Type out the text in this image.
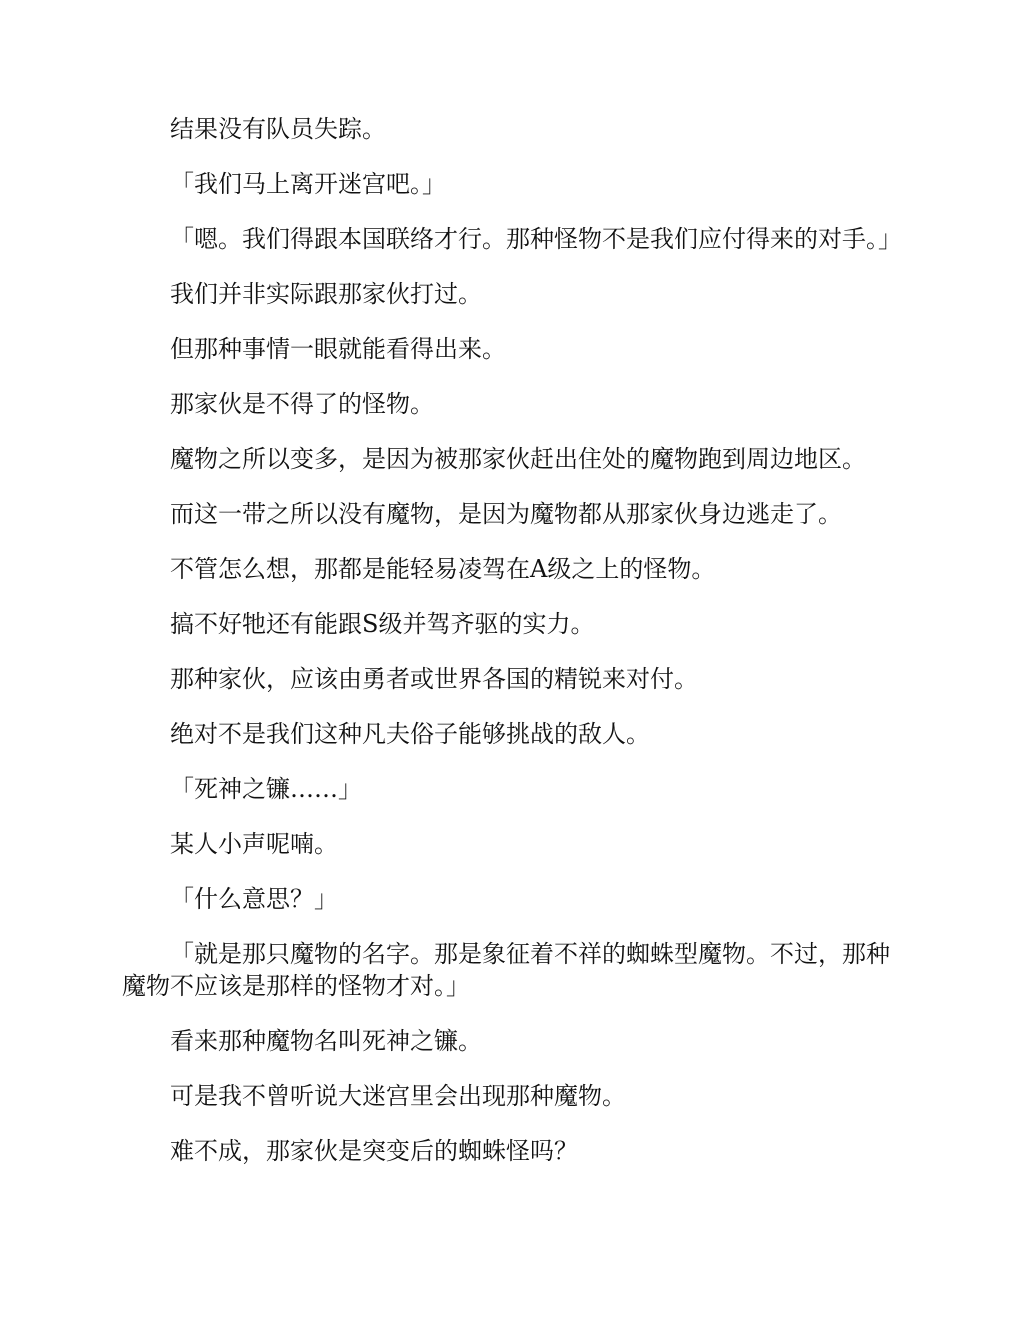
结果没有队员失踪。

「我们马上离开迷宫吧。」

「嗯。我们得跟本国联络才行。那种怪物不是我们应付得来的对手。」

我们并非实际跟那家伙打过。

但那种事情一眼就能看得出来。

那家伙是不得了的怪物。

魔物之所以变多，是因为被那家伙赶出住处的魔物跑到周边地区。

而这一带之所以没有魔物，是因为魔物都从那家伙身边逃走了。

不管怎么想，那都是能轻易凌驾在A级之上的怪物。

搞不好牠还有能跟S级并驾齐驱的实力。

那种家伙，应该由勇者或世界各国的精锐来对付。

绝对不是我们这种凡夫俗子能够挑战的敌人。

「死神之镰……」

某人小声呢喃。

「什么意思？」

「就是那只魔物的名字。那是象征着不祥的蜘蛛型魔物。不过，那种魔物不应该是那样的怪物才对。」

看来那种魔物名叫死神之镰。

可是我不曾听说大迷宫里会出现那种魔物。

难不成，那家伙是突变后的蜘蛛怪吗？
